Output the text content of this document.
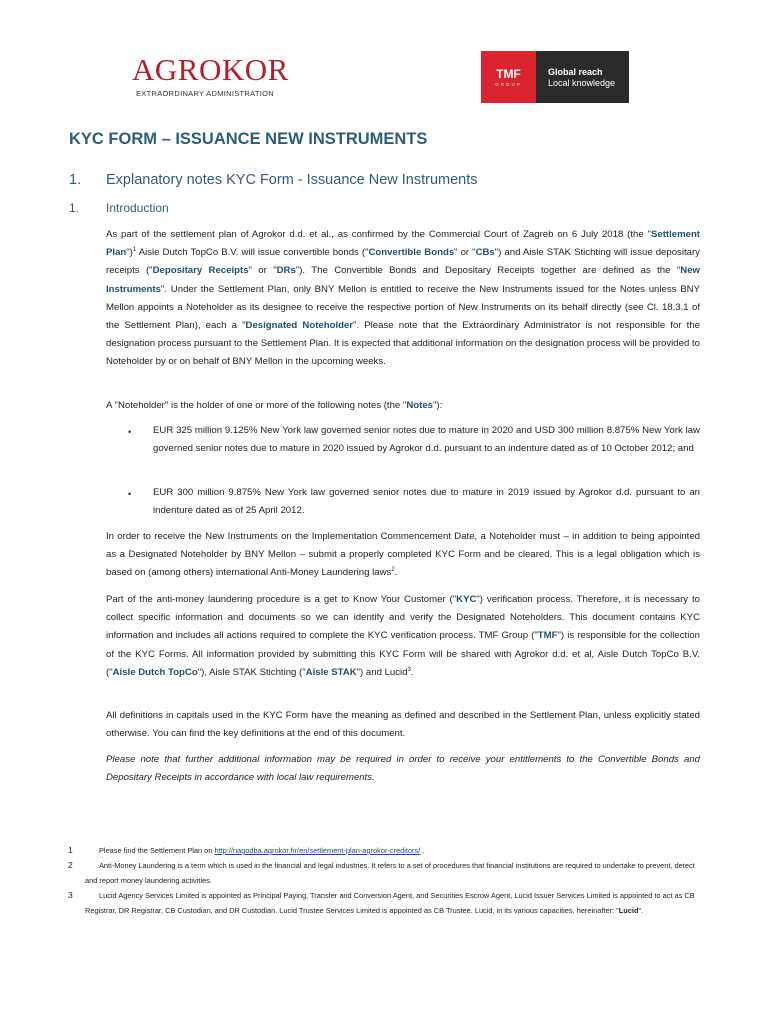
AGROKOR
EXTRAORDINARY ADMINISTRATION
TMF
GROUP
Global reach
Local knowledge
KYC FORM – ISSUANCE NEW INSTRUMENTS
1. Explanatory notes KYC Form - Issuance New Instruments
1. Introduction
As part of the settlement plan of Agrokor d.d. et al., as confirmed by the Commercial Court of Zagreb on 6 July 2018 (the "Settlement Plan")$^1$ Aisle Dutch TopCo B.V. will issue convertible bonds ("Convertible Bonds" or "CBs") and Aisle STAK Stichting will issue depositary receipts ("Depositary Receipts" or "DRs"). The Convertible Bonds and Depositary Receipts together are defined as the "New Instruments". Under the Settlement Plan, only BNY Mellon is entitled to receive the New Instruments issued for the Notes unless BNY Mellon appoints a Noteholder as its designee to receive the respective portion of New Instruments on its behalf directly (see Cl. 18.3.1 of the Settlement Plan), each a "Designated Noteholder". Please note that the Extraordinary Administrator is not responsible for the designation process pursuant to the Settlement Plan. It is expected that additional information on the designation process will be provided to Noteholder by or on behalf of BNY Mellon in the upcoming weeks.
A "Noteholder" is the holder of one or more of the following notes (the "Notes"):
• EUR 325 million 9.125% New York law governed senior notes due to mature in 2020 and USD 300 million 8.875% New York law governed senior notes due to mature in 2020 issued by Agrokor d.d. pursuant to an indenture dated as of 10 October 2012; and
• EUR 300 million 9.875% New York law governed senior notes due to mature in 2019 issued by Agrokor d.d. pursuant to an indenture dated as of 25 April 2012.
In order to receive the New Instruments on the Implementation Commencement Date, a Noteholder must – in addition to being appointed as a Designated Noteholder by BNY Mellon – submit a properly completed KYC Form and be cleared. This is a legal obligation which is based on (among others) international Anti-Money Laundering laws$^2$.
Part of the anti-money laundering procedure is a get to Know Your Customer ("KYC") verification process. Therefore, it is necessary to collect specific information and documents so we can identify and verify the Designated Noteholders. This document contains KYC information and includes all actions required to complete the KYC verification process. TMF Group ("TMF") is responsible for the collection of the KYC Forms. All information provided by submitting this KYC Form will be shared with Agrokor d.d. et al, Aisle Dutch TopCo B.V. ("Aisle Dutch TopCo"), Aisle STAK Stichting ("Aisle STAK") and Lucid$^3$.
All definitions in capitals used in the KYC Form have the meaning as defined and described in the Settlement Plan, unless explicitly stated otherwise. You can find the key definitions at the end of this document.
Please note that further additional information may be required in order to receive your entitlements to the Convertible Bonds and Depositary Receipts in accordance with local law requirements.
1	Please find the Settlement Plan on http://nagodba.agrokor.hr/en/settlement-plan-agrokor-creditors/ .
2	Anti-Money Laundering is a term which is used in the financial and legal industries. It refers to a set of procedures that financial institutions are required to undertake to prevent, detect and report money laundering activities.
3	Lucid Agency Services Limited is appointed as Principal Paying, Transfer and Conversion Agent, and Securities Escrow Agent, Lucid Issuer Services Limited is appointed to act as CB Registrar, DR Registrar, CB Custodian, and DR Custodian. Lucid Trustee Services Limited is appointed as CB Trustee. Lucid, in its various capacities, hereinafter: "Lucid".
